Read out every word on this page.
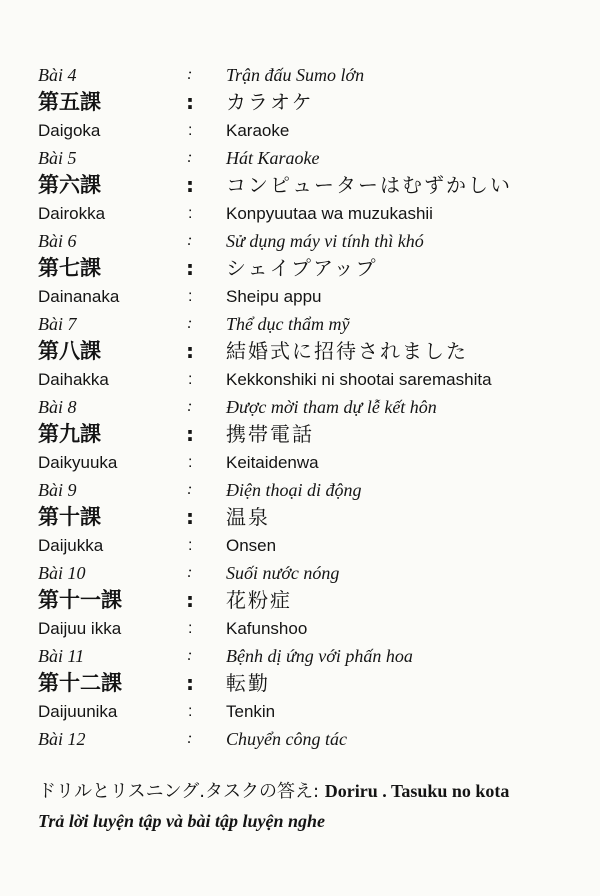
Bài 4	: Trận đấu Sumo lớn
第五課	: カラオケ
Daigoka	: Karaoke
Bài 5	: Hát Karaoke
第六課	: コンピューターはむずかしい
Dairokka	: Konpyuutaa wa muzukashii
Bài 6	: Sử dụng máy vi tính thì khó
第七課	: シェイプアップ
Dainanaka	: Sheipu appu
Bài 7	: Thể dục thẩm mỹ
第八課	: 結婚式に招待されました
Daihakka	: Kekkonshiki ni shootai saremashita
Bài 8	: Được mời tham dự lễ kết hôn
第九課	: 携帯電話
Daikyuuka	: Keitaidenwa
Bài 9	: Điện thoại di động
第十課	: 温泉
Daijukka	: Onsen
Bài 10	: Suối nước nóng
第十一課	: 花粉症
Daijuu ikka	: Kafunshoo
Bài 11	: Bệnh dị ứng với phấn hoa
第十二課	: 転勤
Daijuunika	: Tenkin
Bài 12	: Chuyển công tác
ドリルとリスニング.タスクの答え: Doriru . Tasuku no kota
Trả lời luyện tập và bài tập luyện nghe
